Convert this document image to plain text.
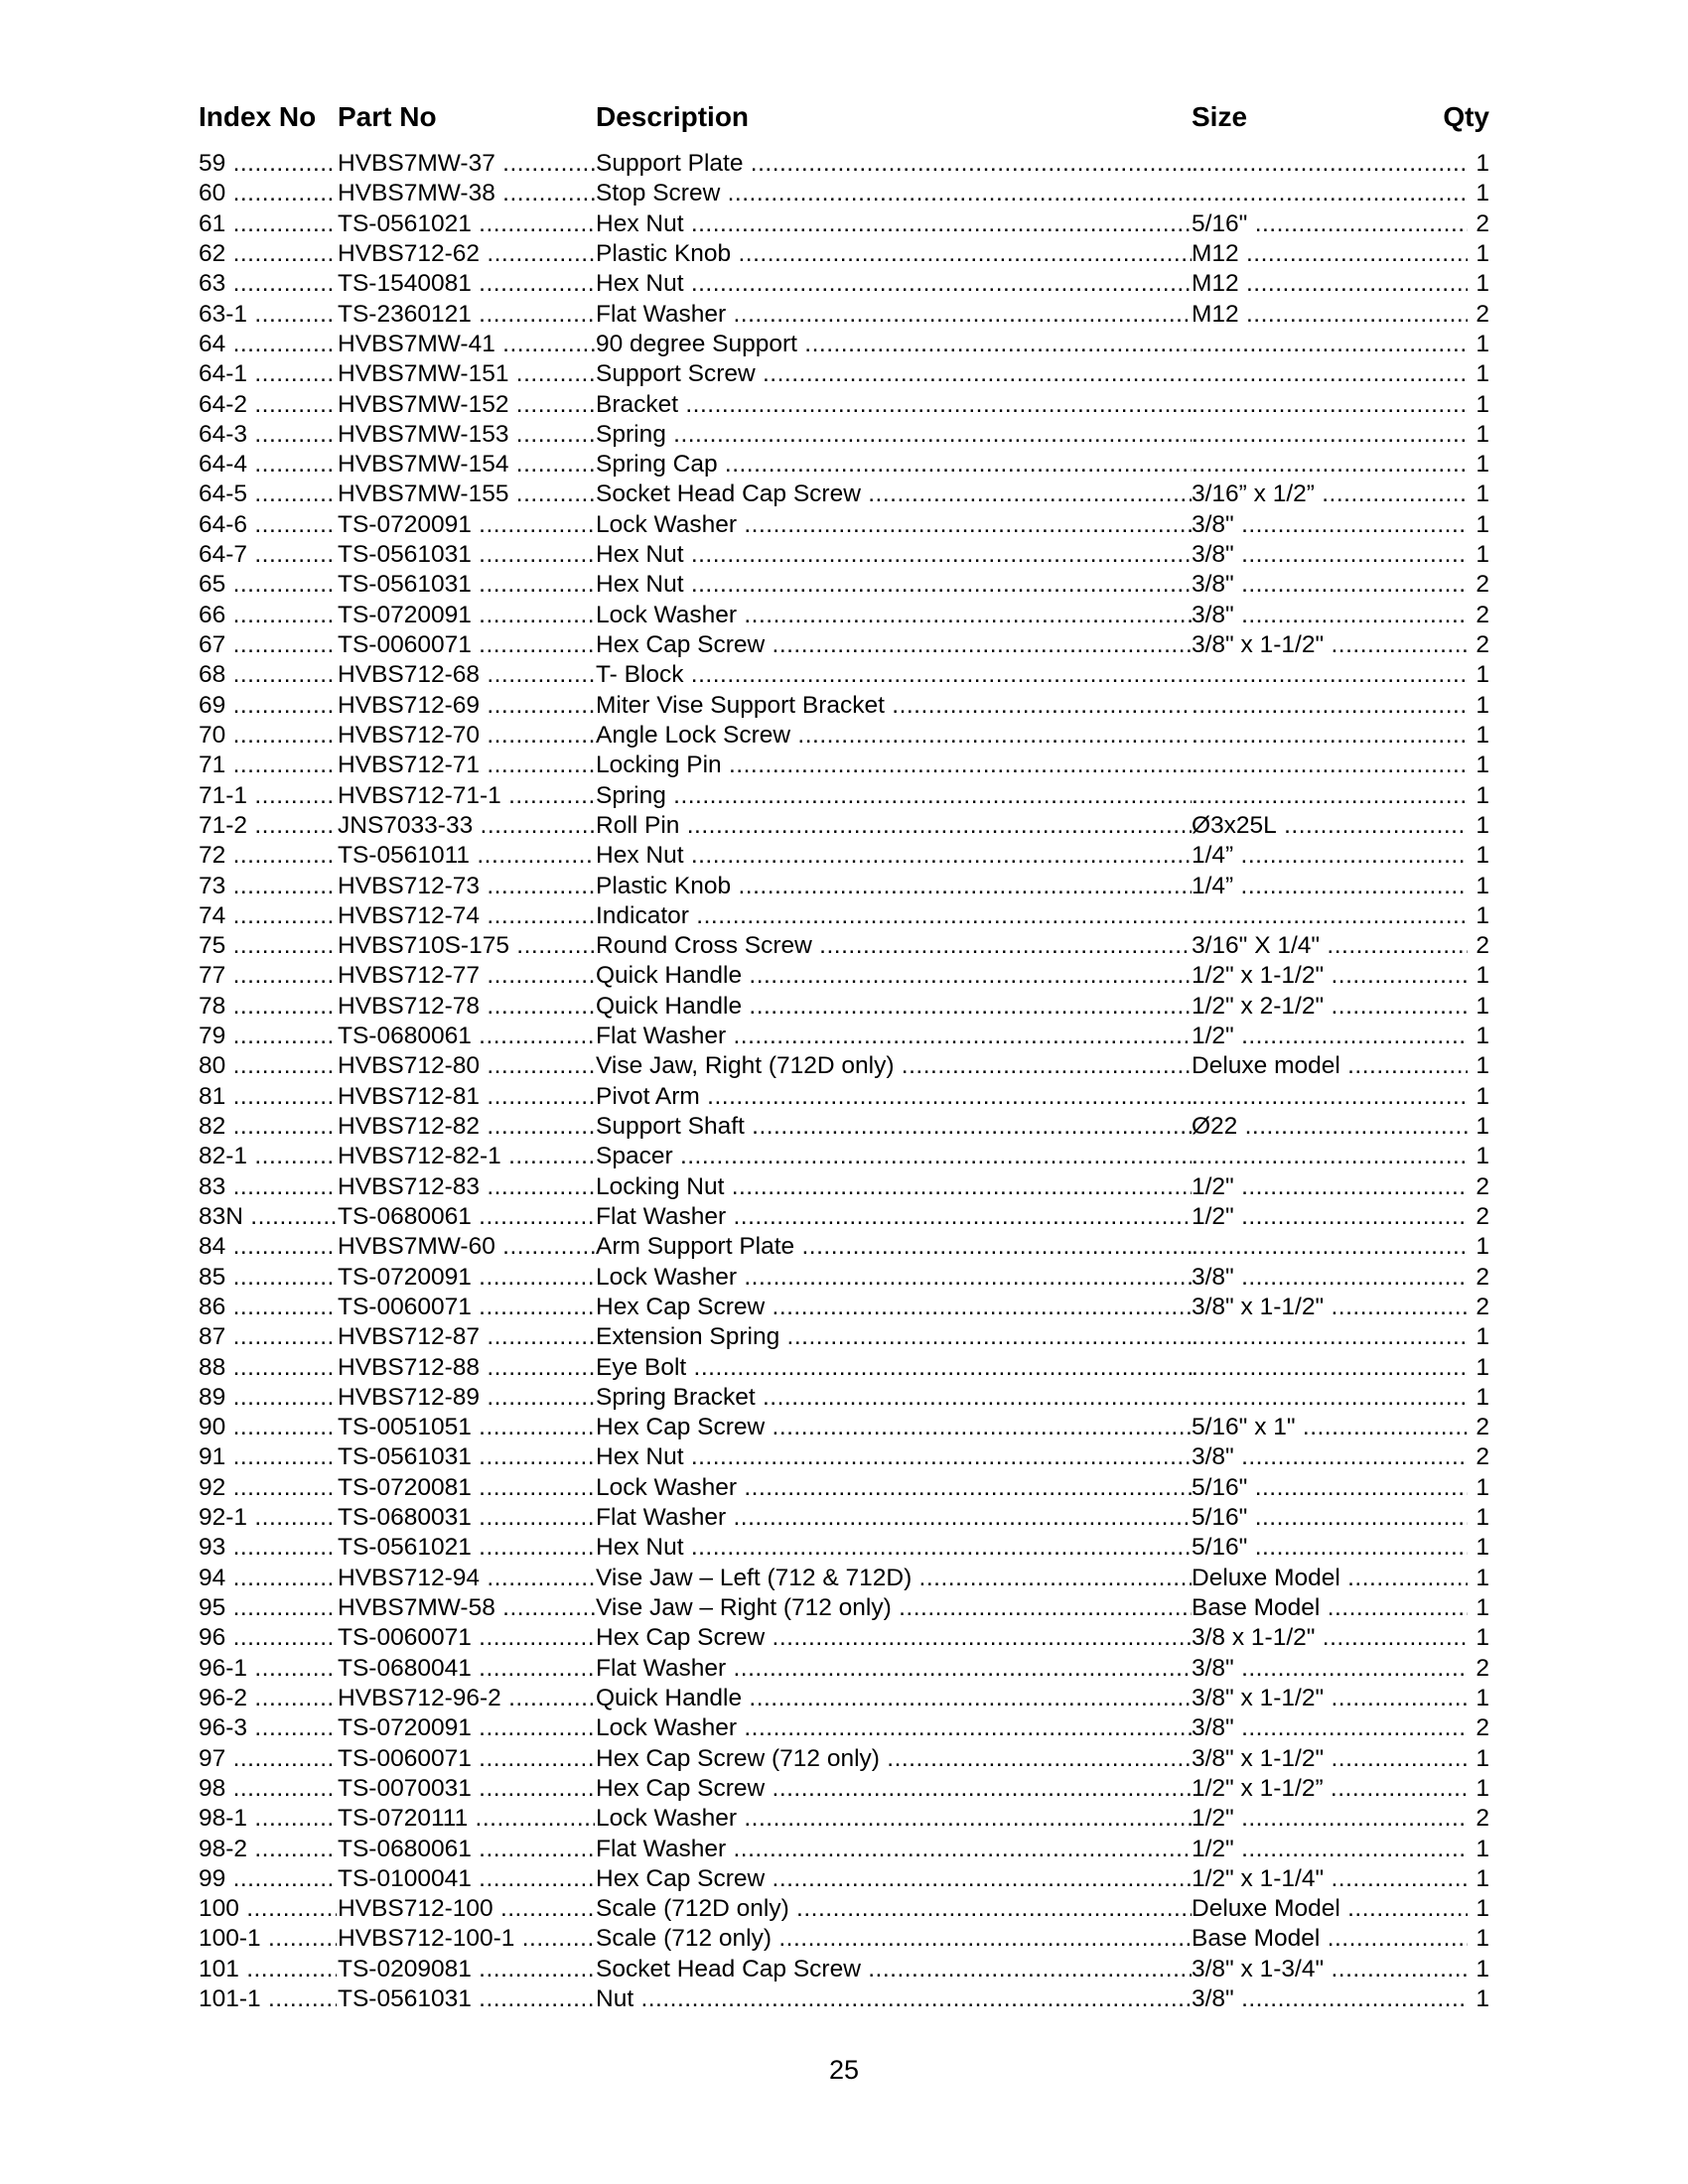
Index No Part No	Description	Size	Qty
59 .....	HVBS7MW-37 .....	Support Plate ..... .....	1
60 .....	HVBS7MW-38 .....	Stop Screw ..... .....	1
61 .....	TS-0561021 .....	Hex Nut .....	5/16" .....	2
62 .....	HVBS712-62 .....	Plastic Knob .....	M12 .....	1
63 .....	TS-1540081 .....	Hex Nut .....	M12 .....	1
63-1 .....	TS-2360121 .....	Flat Washer .....	M12 .....	2
64 .....	HVBS7MW-41 .....	90 degree Support ..... .....	1
64-1 .....	HVBS7MW-151 .....	Support Screw ..... .....	1
64-2 .....	HVBS7MW-152 .....	Bracket ..... .....	1
64-3 .....	HVBS7MW-153 .....	Spring ..... .....	1
64-4 .....	HVBS7MW-154 .....	Spring Cap ..... .....	1
64-5 .....	HVBS7MW-155 .....	Socket Head Cap Screw .....	3/16” x 1/2” .....	1
64-6 .....	TS-0720091 .....	Lock Washer .....	3/8" .....	1
64-7 .....	TS-0561031 .....	Hex Nut .....	3/8" .....	1
65 .....	TS-0561031 .....	Hex Nut .....	3/8" .....	2
66 .....	TS-0720091 .....	Lock Washer .....	3/8" .....	2
67 .....	TS-0060071 .....	Hex Cap Screw .....	3/8" x 1-1/2" .....	2
68 .....	HVBS712-68 .....	T- Block ..... .....	1
69 .....	HVBS712-69 .....	Miter Vise Support Bracket ..... .....	1
70 .....	HVBS712-70 .....	Angle Lock Screw ..... .....	1
71 .....	HVBS712-71 .....	Locking Pin ..... .....	1
71-1 .....	HVBS712-71-1 .....	Spring ..... .....	1
71-2 .....	JNS7033-33 .....	Roll Pin .....	Ø3x25L .....	1
72 .....	TS-0561011 .....	Hex Nut .....	1/4” .....	1
73 .....	HVBS712-73 .....	Plastic Knob .....	1/4” .....	1
74 .....	HVBS712-74 .....	Indicator ..... .....	1
75 .....	HVBS710S-175 .....	Round Cross Screw .....	3/16" X 1/4" .....	2
77 .....	HVBS712-77 .....	Quick Handle .....	1/2" x 1-1/2" .....	1
78 .....	HVBS712-78 .....	Quick Handle .....	1/2" x 2-1/2" .....	1
79 .....	TS-0680061 .....	Flat Washer .....	1/2" .....	1
80 .....	HVBS712-80 .....	Vise Jaw, Right (712D only) .....	Deluxe model .....	1
81 .....	HVBS712-81 .....	Pivot Arm ..... .....	1
82 .....	HVBS712-82 .....	Support Shaft .....	Ø22 .....	1
82-1 .....	HVBS712-82-1 .....	Spacer ..... .....	1
83 .....	HVBS712-83 .....	Locking Nut .....	1/2" .....	2
83N .....	TS-0680061 .....	Flat Washer .....	1/2" .....	2
84 .....	HVBS7MW-60 .....	Arm Support Plate ..... .....	1
85 .....	TS-0720091 .....	Lock Washer .....	3/8" .....	2
86 .....	TS-0060071 .....	Hex Cap Screw .....	3/8" x 1-1/2" .....	2
87 .....	HVBS712-87 .....	Extension Spring ..... .....	1
88 .....	HVBS712-88 .....	Eye Bolt ..... .....	1
89 .....	HVBS712-89 .....	Spring Bracket ..... .....	1
90 .....	TS-0051051 .....	Hex Cap Screw .....	5/16" x 1" .....	2
91 .....	TS-0561031 .....	Hex Nut .....	3/8" .....	2
92 .....	TS-0720081 .....	Lock Washer .....	5/16" .....	1
92-1 .....	TS-0680031 .....	Flat Washer .....	5/16" .....	1
93 .....	TS-0561021 .....	Hex Nut .....	5/16" .....	1
94 .....	HVBS712-94 .....	Vise Jaw – Left (712 & 712D) .....	Deluxe Model .....	1
95 .....	HVBS7MW-58 .....	Vise Jaw – Right (712 only) .....	Base Model .....	1
96 .....	TS-0060071 .....	Hex Cap Screw .....	3/8 x 1-1/2" .....	1
96-1 .....	TS-0680041 .....	Flat Washer .....	3/8" .....	2
96-2 .....	HVBS712-96-2 .....	Quick Handle .....	3/8" x 1-1/2" .....	1
96-3 .....	TS-0720091 .....	Lock Washer .....	3/8" .....	2
97 .....	TS-0060071 .....	Hex Cap Screw (712 only) .....	3/8" x 1-1/2" .....	1
98 .....	TS-0070031 .....	Hex Cap Screw .....	1/2" x 1-1/2” .....	1
98-1 .....	TS-0720111 .....	Lock Washer .....	1/2" .....	2
98-2 .....	TS-0680061 .....	Flat Washer .....	1/2" .....	1
99 .....	TS-0100041 .....	Hex Cap Screw .....	1/2" x 1-1/4" .....	1
100 .....	HVBS712-100 .....	Scale (712D only) .....	Deluxe Model .....	1
100-1 .....	HVBS712-100-1 .....	Scale (712 only) .....	Base Model .....	1
101 .....	TS-0209081 .....	Socket Head Cap Screw .....	3/8" x 1-3/4" .....	1
101-1 .....	TS-0561031 .....	Nut .....	3/8" .....	1
25
